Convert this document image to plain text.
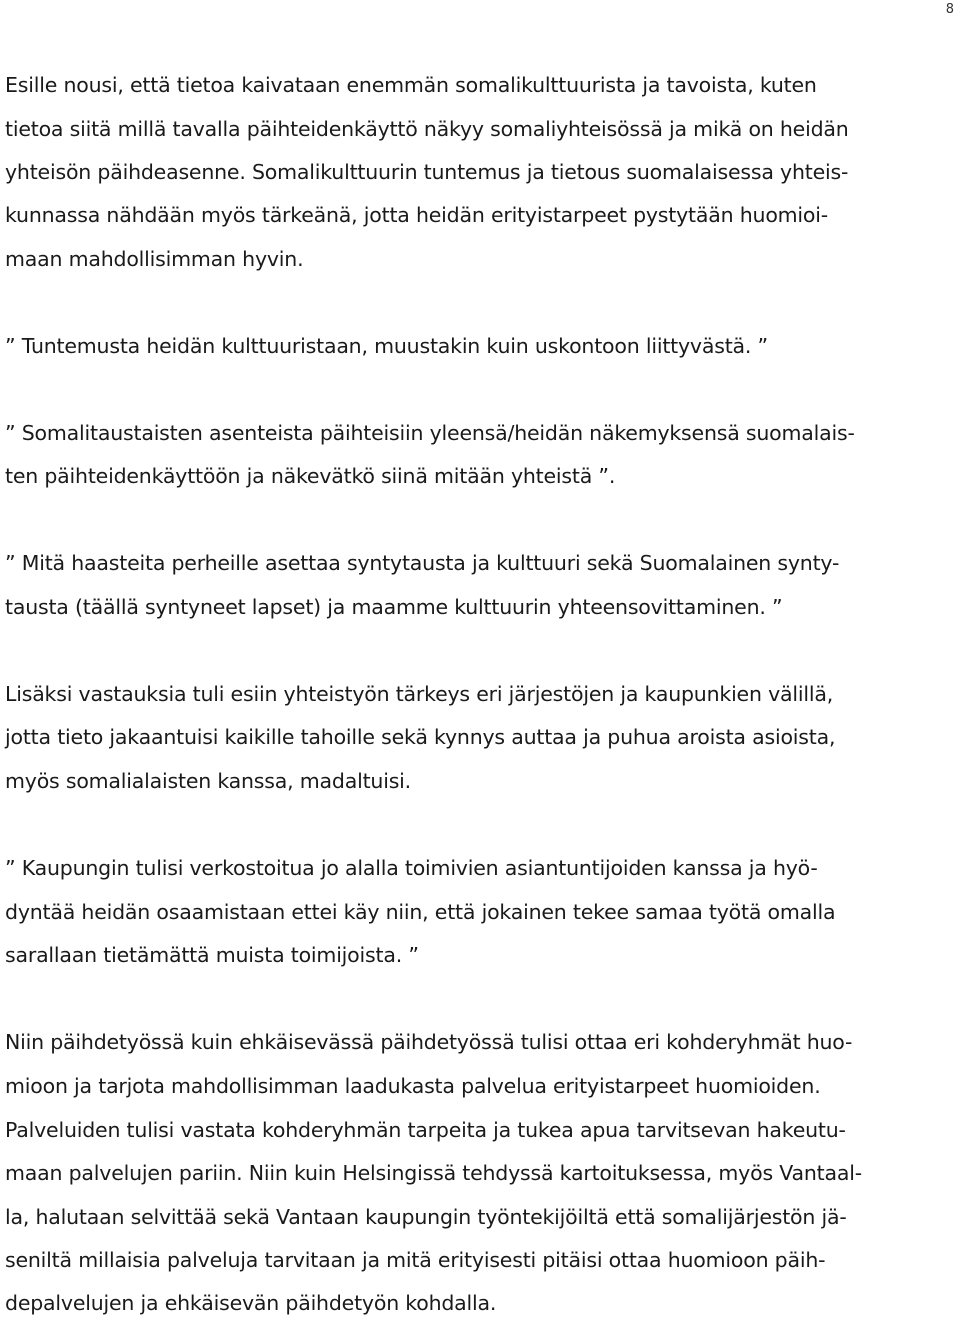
8

Esille nousi, että tietoa kaivataan enemmän somalikulttuurista ja tavoista, kuten

tietoa siitä millä tavalla päihteidenkäyttö näkyy somaliyhteisössä ja mikä on heidän

yhteisön päihdeasenne. Somalikulttuurin tuntemus ja tietous suomalaisessa yhteis-

kunnassa nähdään myös tärkeänä, jotta heidän erityistarpeet pystytään huomioi-

maan mahdollisimman hyvin.

” Tuntemusta heidän kulttuuristaan, muustakin kuin uskontoon liittyvästä. ”

” Somalitaustaisten asenteista päihteisiin yleensä/heidän näkemyksensä suomalais-

ten päihteidenkäyttöön ja näkevätkö siinä mitään yhteistä ”.

” Mitä haasteita perheille asettaa syntytausta ja kulttuuri sekä Suomalainen synty-

tausta (täällä syntyneet lapset) ja maamme kulttuurin yhteensovittaminen. ”

Lisäksi vastauksia tuli esiin yhteistyön tärkeys eri järjestöjen ja kaupunkien välillä,

jotta tieto jakaantuisi kaikille tahoille sekä kynnys auttaa ja puhua aroista asioista,

myös somalialaisten kanssa, madaltuisi.

” Kaupungin tulisi verkostoitua jo alalla toimivien asiantuntijoiden kanssa ja hyö-

dyntää heidän osaamistaan ettei käy niin, että jokainen tekee samaa työtä omalla

sarallaan tietämättä muista toimijoista. ”

Niin päihdetyössä kuin ehkäisevässä päihdetyössä tulisi ottaa eri kohderyhmät huo-

mioon ja tarjota mahdollisimman laadukasta palvelua erityistarpeet huomioiden.

Palveluiden tulisi vastata kohderyhmän tarpeita ja tukea apua tarvitsevan hakeutu-

maan palvelujen pariin. Niin kuin Helsingissä tehdyssä kartoituksessa, myös Vantaal-

la, halutaan selvittää sekä Vantaan kaupungin työntekijöiltä että somalijärjestön jä-

seniltä millaisia palveluja tarvitaan ja mitä erityisesti pitäisi ottaa huomioon päih-

depalvelujen ja ehkäisevän päihdetyön kohdalla.
